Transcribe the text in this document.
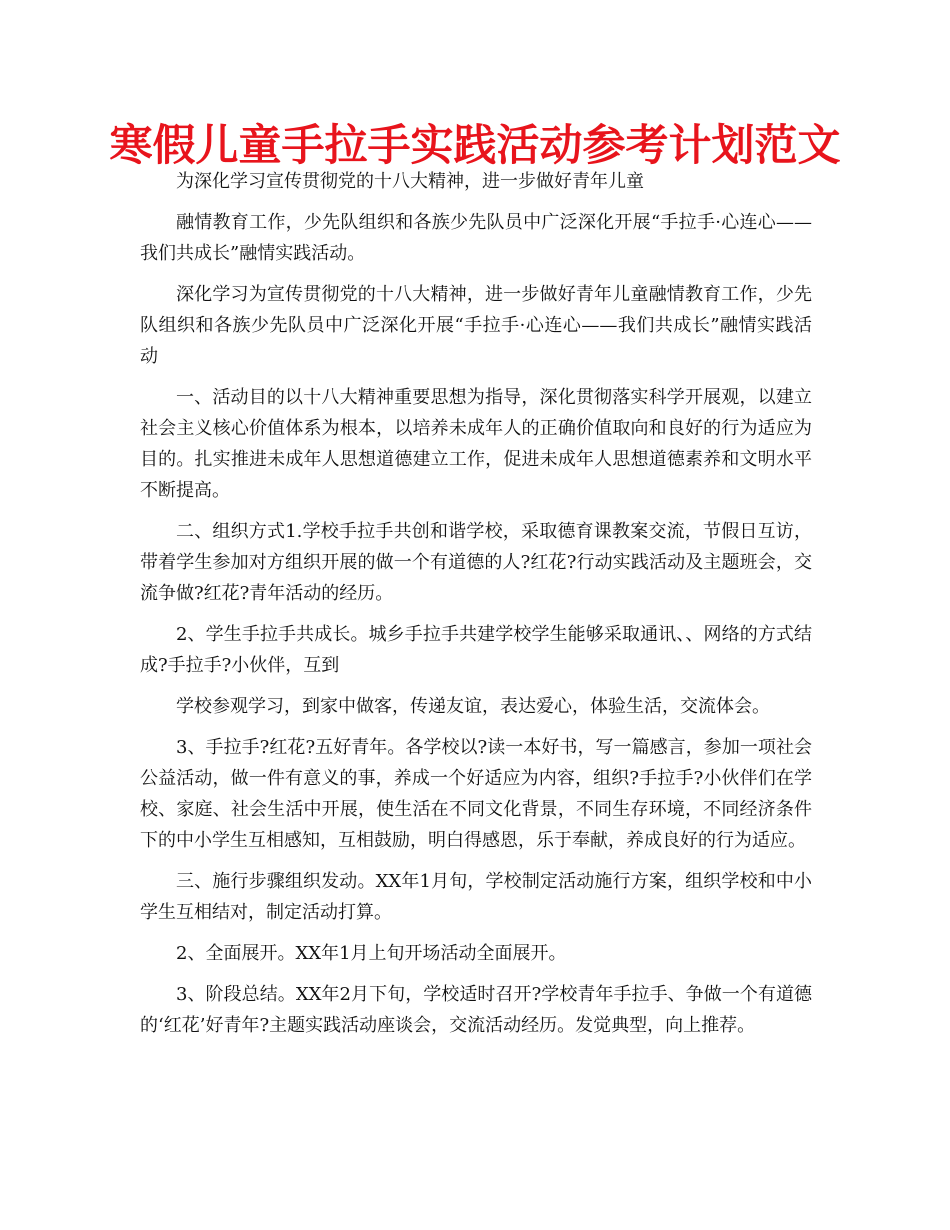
寒假儿童手拉手实践活动参考计划范文

为深化学习宣传贯彻党的十八大精神，进一步做好青年儿童

融情教育工作，少先队组织和各族少先队员中广泛深化开展“手拉手·心连心——我们共成长”融情实践活动。

深化学习为宣传贯彻党的十八大精神，进一步做好青年儿童融情教育工作，少先队组织和各族少先队员中广泛深化开展“手拉手·心连心——我们共成长”融情实践活动

一、活动目的以十八大精神重要思想为指导，深化贯彻落实科学开展观，以建立社会主义核心价值体系为根本，以培养未成年人的正确价值取向和良好的行为适应为目的。扎实推进未成年人思想道德建立工作，促进未成年人思想道德素养和文明水平不断提高。

二、组织方式1.学校手拉手共创和谐学校，采取德育课教案交流，节假日互访，带着学生参加对方组织开展的做一个有道德的人?红花?行动实践活动及主题班会，交流争做?红花?青年活动的经历。

2、学生手拉手共成长。城乡手拉手共建学校学生能够采取通讯、、网络的方式结成?手拉手?小伙伴，互到

学校参观学习，到家中做客，传递友谊，表达爱心，体验生活，交流体会。

3、手拉手?红花?五好青年。各学校以?读一本好书，写一篇感言，参加一项社会公益活动，做一件有意义的事，养成一个好适应为内容，组织?手拉手?小伙伴们在学校、家庭、社会生活中开展，使生活在不同文化背景，不同生存环境，不同经济条件下的中小学生互相感知，互相鼓励，明白得感恩，乐于奉献，养成良好的行为适应。

三、施行步骤组织发动。XX年1月旬，学校制定活动施行方案，组织学校和中小学生互相结对，制定活动打算。

2、全面展开。XX年1月上旬开场活动全面展开。

3、阶段总结。XX年2月下旬，学校适时召开?学校青年手拉手、争做一个有道德的‘红花’好青年?主题实践活动座谈会，交流活动经历。发觉典型，向上推荐。
